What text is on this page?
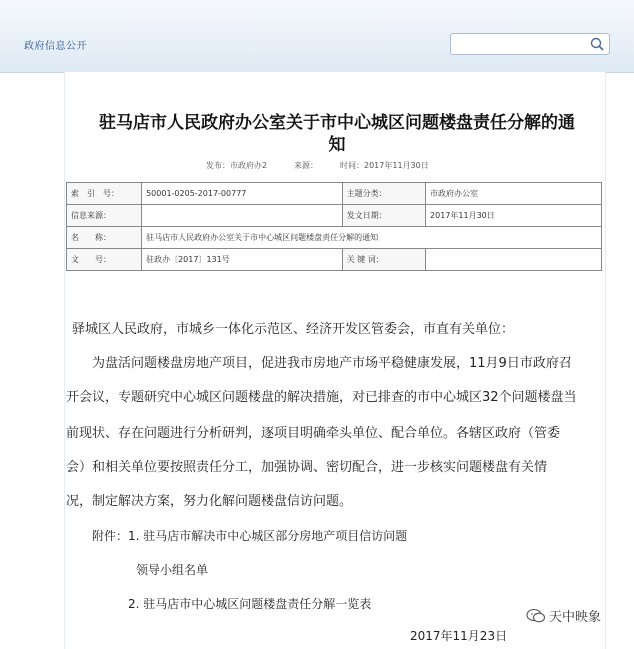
政府信息公开
驻马店市人民政府办公室关于市中心城区问题楼盘责任分解的通
知
发布：市政府办2	来源：	时间：2017年11月30日
索　引　号：	50001-0205-2017-00777	主题分类：	市政府办公室
信息来源：		发文日期：	2017年11月30日
名　　称：	驻马店市人民政府办公室关于市中心城区问题楼盘责任分解的通知		
文　　号：	驻政办〔2017〕131号	关 键 词：	
驿城区人民政府，市城乡一体化示范区、经济开发区管委会，市直有关单位：
为盘活问题楼盘房地产项目，促进我市房地产市场平稳健康发展，11月9日市政府召
开会议，专题研究中心城区问题楼盘的解决措施，对已排查的市中心城区32个问题楼盘当
前现状、存在问题进行分析研判，逐项目明确牵头单位、配合单位。各辖区政府（管委
会）和相关单位要按照责任分工，加强协调、密切配合，进一步核实问题楼盘有关情
况，制定解决方案，努力化解问题楼盘信访问题。
附件：1. 驻马店市解决市中心城区部分房地产项目信访问题
领导小组名单
2. 驻马店市中心城区问题楼盘责任分解一览表
2017年11月23日
天中映象
